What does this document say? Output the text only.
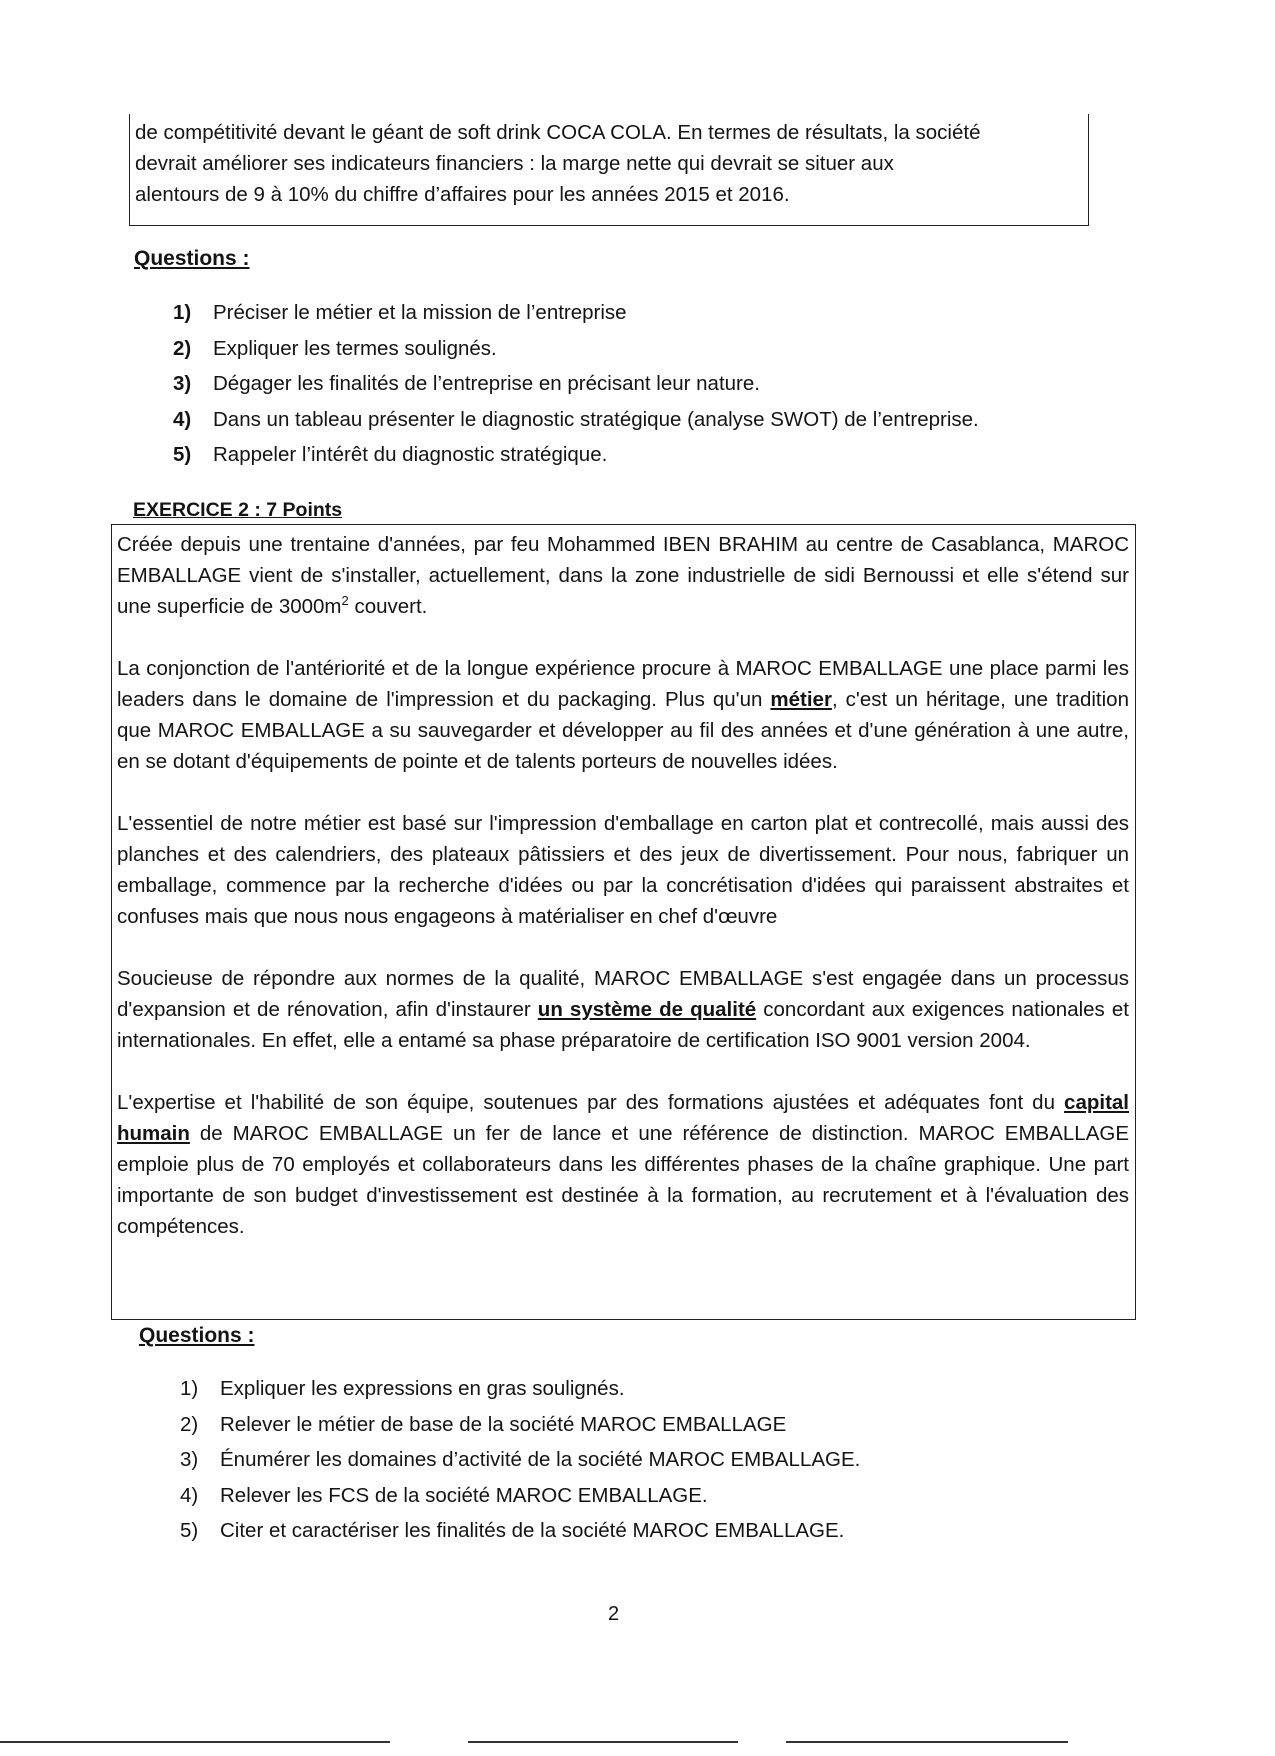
de compétitivité devant le géant de soft drink COCA COLA. En termes de résultats, la société
devrait améliorer ses indicateurs financiers : la marge nette qui devrait se situer aux
alentours de 9 à 10% du chiffre d’affaires pour les années 2015 et 2016.
Questions :
1)	Préciser le métier et la mission de l’entreprise
2)	Expliquer les termes soulignés.
3)	Dégager les finalités de l’entreprise en précisant leur nature.
4)	Dans un tableau présenter le diagnostic stratégique (analyse SWOT) de l’entreprise.
5)	Rappeler l’intérêt du diagnostic stratégique.
EXERCICE 2 : 7 Points

Créée depuis une trentaine d'années, par feu Mohammed IBEN BRAHIM au centre de Casablanca, MAROC EMBALLAGE vient de s'installer, actuellement, dans la zone industrielle de sidi Bernoussi et elle s'étend sur une superficie de $3000m^2$ couvert.

La conjonction de l'antériorité et de la longue expérience procure à MAROC EMBALLAGE une place parmi les leaders dans le domaine de l'impression et du packaging. Plus qu'un métier, c'est un héritage, une tradition que MAROC EMBALLAGE a su sauvegarder et développer au fil des années et d'une génération à une autre, en se dotant d'équipements de pointe et de talents porteurs de nouvelles idées.

L'essentiel de notre métier est basé sur l'impression d'emballage en carton plat et contrecollé, mais aussi des planches et des calendriers, des plateaux pâtissiers et des jeux de divertissement. Pour nous, fabriquer un emballage, commence par la recherche d'idées ou par la concrétisation d'idées qui paraissent abstraites et confuses mais que nous nous engageons à matérialiser en chef d'œuvre

Soucieuse de répondre aux normes de la qualité, MAROC EMBALLAGE s'est engagée dans un processus d'expansion et de rénovation, afin d'instaurer un système de qualité concordant aux exigences nationales et internationales. En effet, elle a entamé sa phase préparatoire de certification ISO 9001 version 2004.

L'expertise et l'habilité de son équipe, soutenues par des formations ajustées et adéquates font du capital humain de MAROC EMBALLAGE un fer de lance et une référence de distinction. MAROC EMBALLAGE emploie plus de 70 employés et collaborateurs dans les différentes phases de la chaîne graphique. Une part importante de son budget d'investissement est destinée à la formation, au recrutement et à l'évaluation des compétences.

Questions :
1)	Expliquer les expressions en gras soulignés.
2)	Relever le métier de base de la société MAROC EMBALLAGE
3)	Énumérer les domaines d’activité de la société MAROC EMBALLAGE.
4)	Relever les FCS de la société MAROC EMBALLAGE.
5)	Citer et caractériser les finalités de la société MAROC EMBALLAGE.
2
